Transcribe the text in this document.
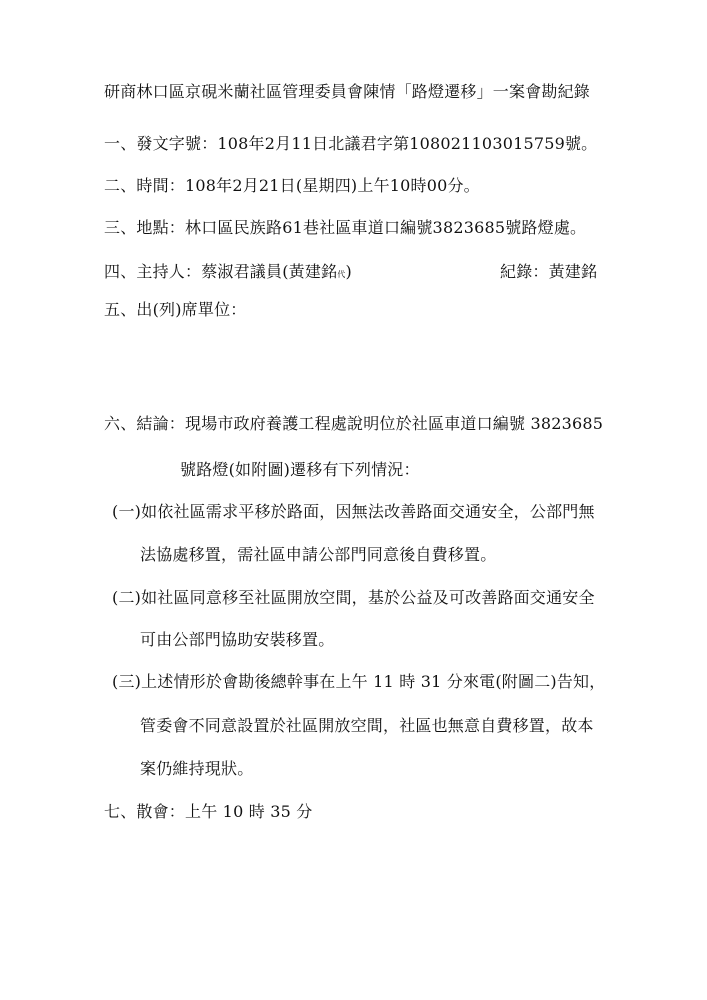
研商林口區京硯米蘭社區管理委員會陳情「路燈遷移」一案會勘紀錄
一、發文字號：108年2月11日北議君字第108021103015759號。
二、時間：108年2月21日(星期四)上午10時00分。
三、地點：林口區民族路61巷社區車道口編號3823685號路燈處。
四、主持人：蔡淑君議員(黃建銘代)	紀錄：黃建銘
五、出(列)席單位：
六、結論：現場市政府養護工程處說明位於社區車道口編號 3823685
號路燈(如附圖)遷移有下列情況：
(一)如依社區需求平移於路面，因無法改善路面交通安全，公部門無
法協處移置，需社區申請公部門同意後自費移置。
(二)如社區同意移至社區開放空間，基於公益及可改善路面交通安全
可由公部門協助安裝移置。
(三)上述情形於會勘後總幹事在上午 11 時 31 分來電(附圖二)告知，
管委會不同意設置於社區開放空間，社區也無意自費移置，故本
案仍維持現狀。
七、散會：上午 10 時 35 分
